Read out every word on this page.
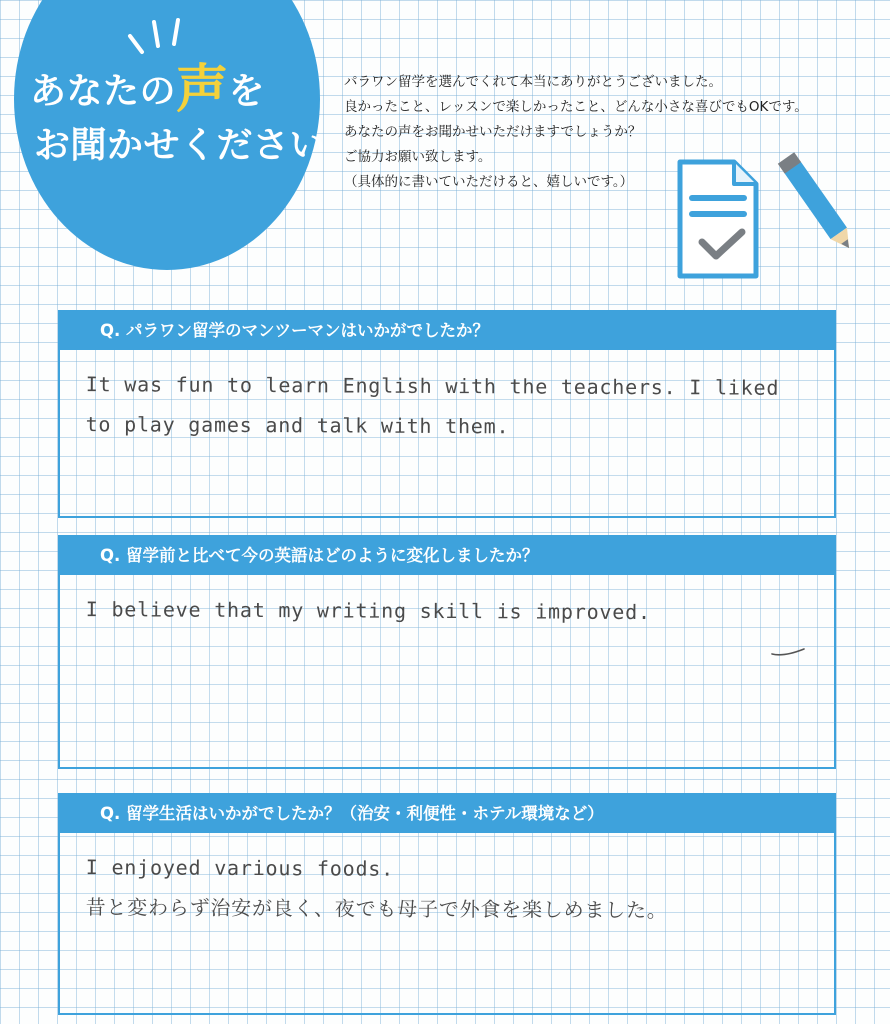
あなたの声を
お聞かせください
パラワン留学を選んでくれて本当にありがとうございました。
良かったこと、レッスンで楽しかったこと、どんな小さな喜びでもOKです。
あなたの声をお聞かせいただけますでしょうか？
ご協力お願い致します。
（具体的に書いていただけると、嬉しいです。）
Q. パラワン留学のマンツーマンはいかがでしたか？
It was fun to learn English with the teachers. I liked
to play games and talk with them.
Q. 留学前と比べて今の英語はどのように変化しましたか？
I believe that my writing skill is improved.
Q. 留学生活はいかがでしたか？（治安・利便性・ホテル環境など）
I enjoyed various foods.
昔と変わらず治安が良く、夜でも母子で外食を楽しめました。
